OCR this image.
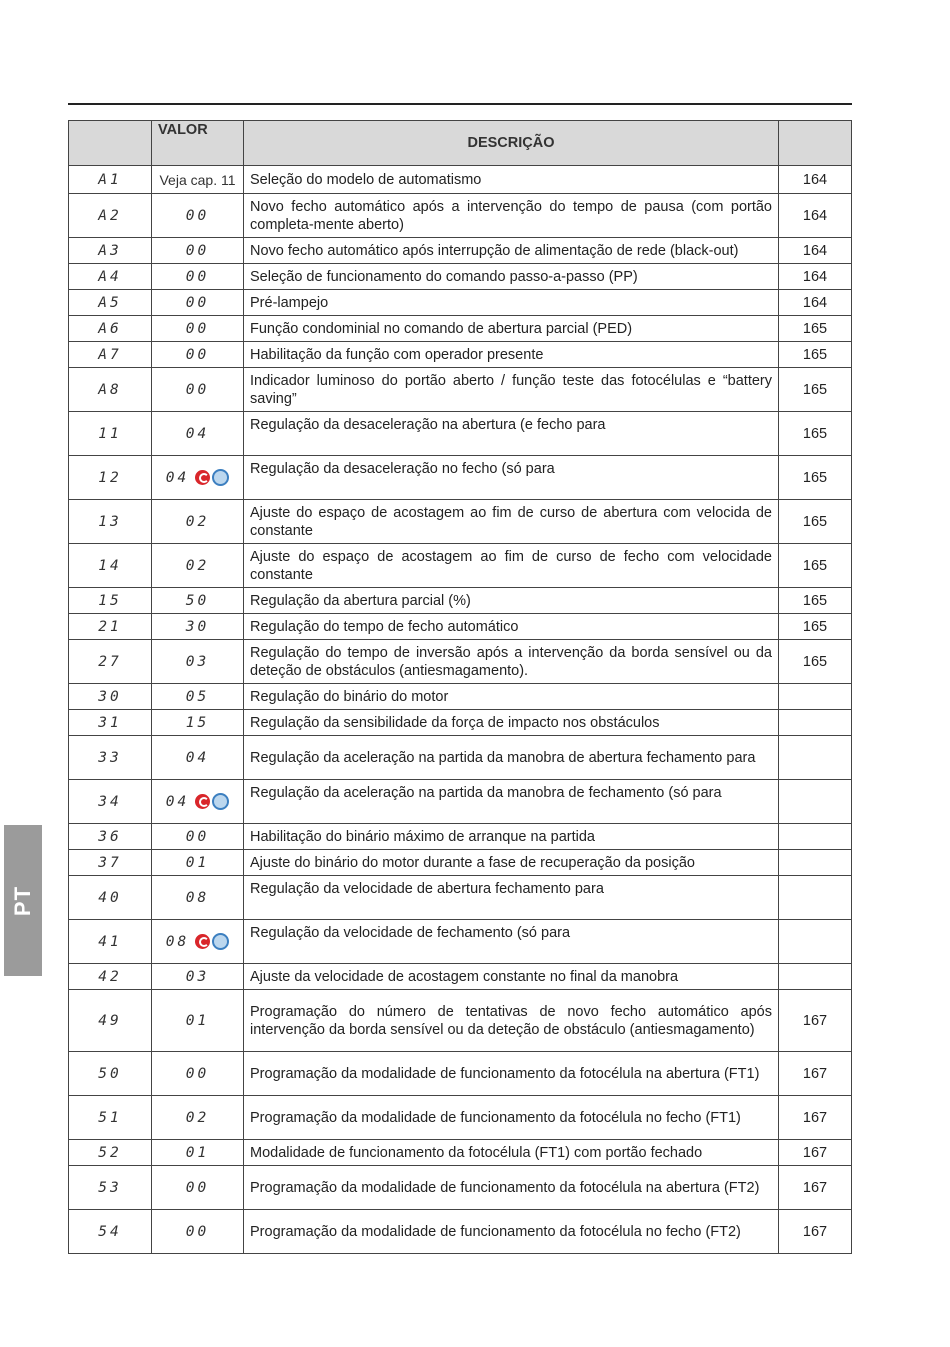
PT
	VALOR	DESCRIÇÃO	
A1	Veja cap. 11	Seleção do modelo de automatismo	164
A2	00	Novo fecho automático após a intervenção do tempo de pausa (com portão completa-mente aberto)	164
A3	00	Novo fecho automático após interrupção de alimentação de rede (black-out)	164
A4	00	Seleção de funcionamento do comando passo-a-passo (PP)	164
A5	00	Pré-lampejo	164
A6	00	Função condominial no comando de abertura parcial (PED)	165
A7	00	Habilitação da função com operador presente	165
A8	00	Indicador luminoso do portão aberto / função teste das fotocélulas e “battery saving”	165
11	04	Regulação da desaceleração na abertura (e fecho para	165
12	04	Regulação da desaceleração no fecho (só para	165
13	02	Ajuste do espaço de acostagem ao fim de curso de abertura com velocida de constante	165
14	02	Ajuste do espaço de acostagem ao fim de curso de fecho com velocidade constante	165
15	50	Regulação da abertura parcial (%)	165
21	30	Regulação do tempo de fecho automático	165
27	03	Regulação do tempo de inversão após a intervenção da borda sensível ou da deteção de obstáculos (antiesmagamento).	165
30	05	Regulação do binário do motor	
31	15	Regulação da sensibilidade da força de impacto nos obstáculos	
33	04	Regulação da aceleração na partida da manobra de abertura fechamento para	
34	04	Regulação da aceleração na partida da manobra de fechamento (só para	
36	00	Habilitação do binário máximo de arranque na partida	
37	01	Ajuste do binário do motor durante a fase de recuperação da posição	
40	08	Regulação da velocidade de abertura fechamento para	
41	08	Regulação da velocidade de fechamento (só para	
42	03	Ajuste da velocidade de acostagem constante no final da manobra	
49	01	Programação do número de tentativas de novo fecho automático após intervenção da borda sensível ou da deteção de obstáculo (antiesmagamento)	167
50	00	Programação da modalidade de funcionamento da fotocélula na abertura (FT1)	167
51	02	Programação da modalidade de funcionamento da fotocélula no fecho (FT1)	167
52	01	Modalidade de funcionamento da fotocélula (FT1) com portão fechado	167
53	00	Programação da modalidade de funcionamento da fotocélula na abertura (FT2)	167
54	00	Programação da modalidade de funcionamento da fotocélula no fecho (FT2)	167
